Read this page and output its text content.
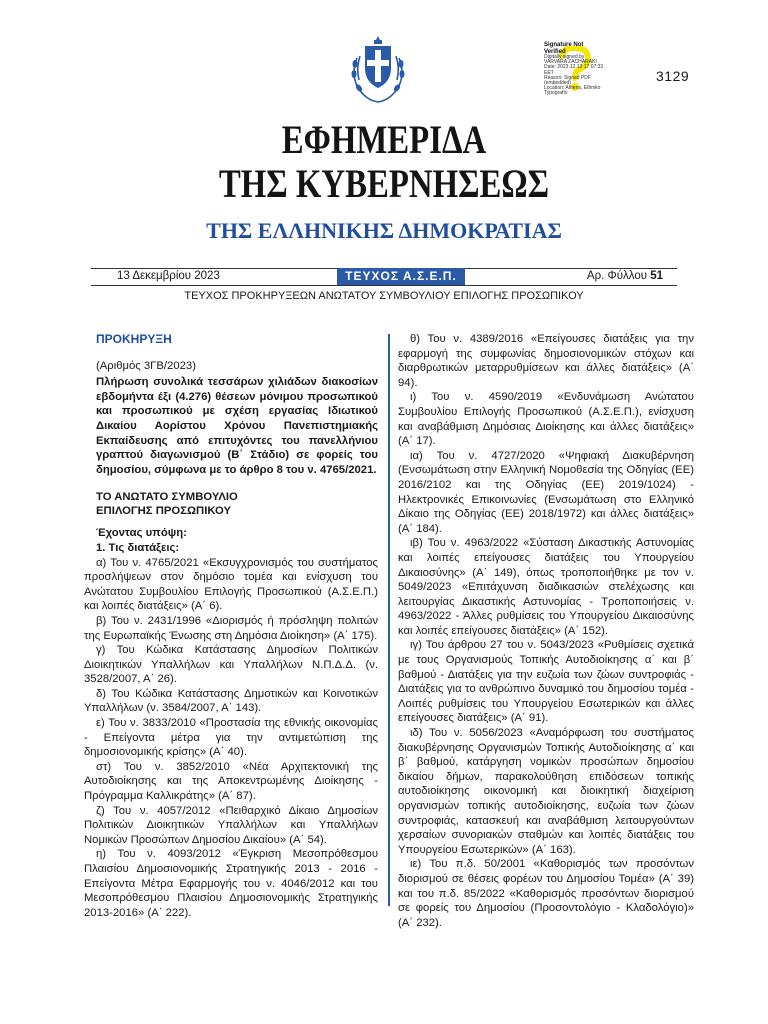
Signature Not Verified
Digitally signed by
VARVARA ZACHARAKI
Date: 2023.12.13 17:07:33
EET
Reason: Signed PDF
(embedded)
Location: Athens, Ethniko
Typografio
3129
ΕΦΗΜΕΡΙΔΑ
ΤΗΣ ΚΥΒΕΡΝΗΣΕΩΣ
ΤΗΣ ΕΛΛΗΝΙΚΗΣ ΔΗΜΟΚΡΑΤΙΑΣ
13 Δεκεμβρίου 2023	ΤΕΥΧΟΣ Α.Σ.Ε.Π.	Αρ. Φύλλου 51
ΤΕΥΧΟΣ ΠΡΟΚΗΡΥΞΕΩΝ ΑΝΩΤΑΤΟΥ ΣΥΜΒΟΥΛΙΟΥ ΕΠΙΛΟΓΗΣ ΠΡΟΣΩΠΙΚΟΥ
ΠΡΟΚΗΡΥΞΗ
(Αριθμός 3ΓΒ/2023)

Πλήρωση συνολικά τεσσάρων χιλιάδων διακοσίων εβδομήντα έξι (4.276) θέσεων μόνιμου προσωπικού και προσωπικού με σχέση εργασίας Ιδιωτικού Δικαίου Αορίστου Χρόνου Πανεπιστημιακής Εκπαίδευσης από επιτυχόντες του πανελλήνιου γραπτού διαγωνισμού (Β΄ Στάδιο) σε φορείς του δημοσίου, σύμφωνα με το άρθρο 8 του ν. 4765/2021.

ΤΟ ΑΝΩΤΑΤΟ ΣΥΜΒΟΥΛΙΟ
ΕΠΙΛΟΓΗΣ ΠΡΟΣΩΠΙΚΟΥ
Έχοντας υπόψη:
1. Τις διατάξεις:

α) Του ν. 4765/2021 «Εκσυγχρονισμός του συστήματος προσλήψεων στον δημόσιο τομέα και ενίσχυση του Ανώτατου Συμβουλίου Επιλογής Προσωπικού (Α.Σ.Ε.Π.) και λοιπές διατάξεις» (Α΄ 6).

β) Του ν. 2431/1996 «Διορισμός ή πρόσληψη πολιτών της Ευρωπαϊκής Ένωσης στη Δημόσια Διοίκηση» (Α΄ 175).

γ) Του Κώδικα Κατάστασης Δημοσίων Πολιτικών Διοικητικών Υπαλλήλων και Υπαλλήλων Ν.Π.Δ.Δ. (ν. 3528/2007, Α΄ 26).

δ) Του Κώδικα Κατάστασης Δημοτικών και Κοινοτικών Υπαλλήλων (ν. 3584/2007, Α΄ 143).

ε) Του ν. 3833/2010 «Προστασία της εθνικής οικονομίας - Επείγοντα μέτρα για την αντιμετώπιση της δημοσιονομικής κρίσης» (Α΄ 40).

στ) Του ν. 3852/2010 «Νέα Αρχιτεκτονική της Αυτοδιοίκησης και της Αποκεντρωμένης Διοίκησης - Πρόγραμμα Καλλικράτης» (Α΄ 87).

ζ) Του ν. 4057/2012 «Πειθαρχικό Δίκαιο Δημοσίων Πολιτικών Διοικητικών Υπαλλήλων και Υπαλλήλων Νομικών Προσώπων Δημοσίου Δικαίου» (Α΄ 54).

η) Του ν. 4093/2012 «Έγκριση Μεσοπρόθεσμου Πλαισίου Δημοσιονομικής Στρατηγικής 2013 - 2016 - Επείγοντα Μέτρα Εφαρμογής του ν. 4046/2012 και του Μεσοπρόθεσμου Πλαισίου Δημοσιονομικής Στρατηγικής 2013-2016» (Α΄ 222).

θ) Του ν. 4389/2016 «Επείγουσες διατάξεις για την εφαρμογή της συμφωνίας δημοσιονομικών στόχων και διαρθρωτικών μεταρρυθμίσεων και άλλες διατάξεις» (Α΄ 94).

ι) Του ν. 4590/2019 «Ενδυνάμωση Ανώτατου Συμβουλίου Επιλογής Προσωπικού (Α.Σ.Ε.Π.), ενίσχυση και αναβάθμιση Δημόσιας Διοίκησης και άλλες διατάξεις» (Α΄ 17).

ια) Του ν. 4727/2020 «Ψηφιακή Διακυβέρνηση (Ενσωμάτωση στην Ελληνική Νομοθεσία της Οδηγίας (ΕΕ) 2016/2102 και της Οδηγίας (ΕΕ) 2019/1024) - Ηλεκτρονικές Επικοινωνίες (Ενσωμάτωση στο Ελληνικό Δίκαιο της Οδηγίας (ΕΕ) 2018/1972) και άλλες διατάξεις» (Α΄ 184).

ιβ) Του ν. 4963/2022 «Σύσταση Δικαστικής Αστυνομίας και λοιπές επείγουσες διατάξεις του Υπουργείου Δικαιοσύνης» (Α΄ 149), όπως τροποποιήθηκε με τον ν. 5049/2023 «Επιτάχυνση διαδικασιών στελέχωσης και λειτουργίας Δικαστικής Αστυνομίας - Τροποποιήσεις ν. 4963/2022 - Άλλες ρυθμίσεις του Υπουργείου Δικαιοσύνης και λοιπές επείγουσες διατάξεις» (Α΄ 152).

ιγ) Του άρθρου 27 του ν. 5043/2023 «Ρυθμίσεις σχετικά με τους Οργανισμούς Τοπικής Αυτοδιοίκησης α΄ και β΄ βαθμού - Διατάξεις για την ευζωία των ζώων συντροφιάς - Διατάξεις για το ανθρώπινο δυναμικό του δημοσίου τομέα - Λοιπές ρυθμίσεις του Υπουργείου Εσωτερικών και άλλες επείγουσες διατάξεις» (Α΄ 91).

ιδ) Του ν. 5056/2023 «Αναμόρφωση του συστήματος διακυβέρνησης Οργανισμών Τοπικής Αυτοδιοίκησης α΄ και β΄ βαθμού, κατάργηση νομικών προσώπων δημοσίου δικαίου δήμων, παρακολούθηση επιδόσεων τοπικής αυτοδιοίκησης οικονομική και διοικητική διαχείριση οργανισμών τοπικής αυτοδιοίκησης, ευζωία των ζώων συντροφιάς, κατασκευή και αναβάθμιση λειτουργούντων χερσαίων συνοριακών σταθμών και λοιπές διατάξεις του Υπουργείου Εσωτερικών» (Α΄ 163).

ιε) Του π.δ. 50/2001 «Καθορισμός των προσόντων διορισμού σε θέσεις φορέων του Δημοσίου Τομέα» (Α΄ 39) και του π.δ. 85/2022 «Καθορισμός προσόντων διορισμού σε φορείς του Δημοσίου (Προσοντολόγιο - Κλαδολόγιο)» (Α΄ 232).
